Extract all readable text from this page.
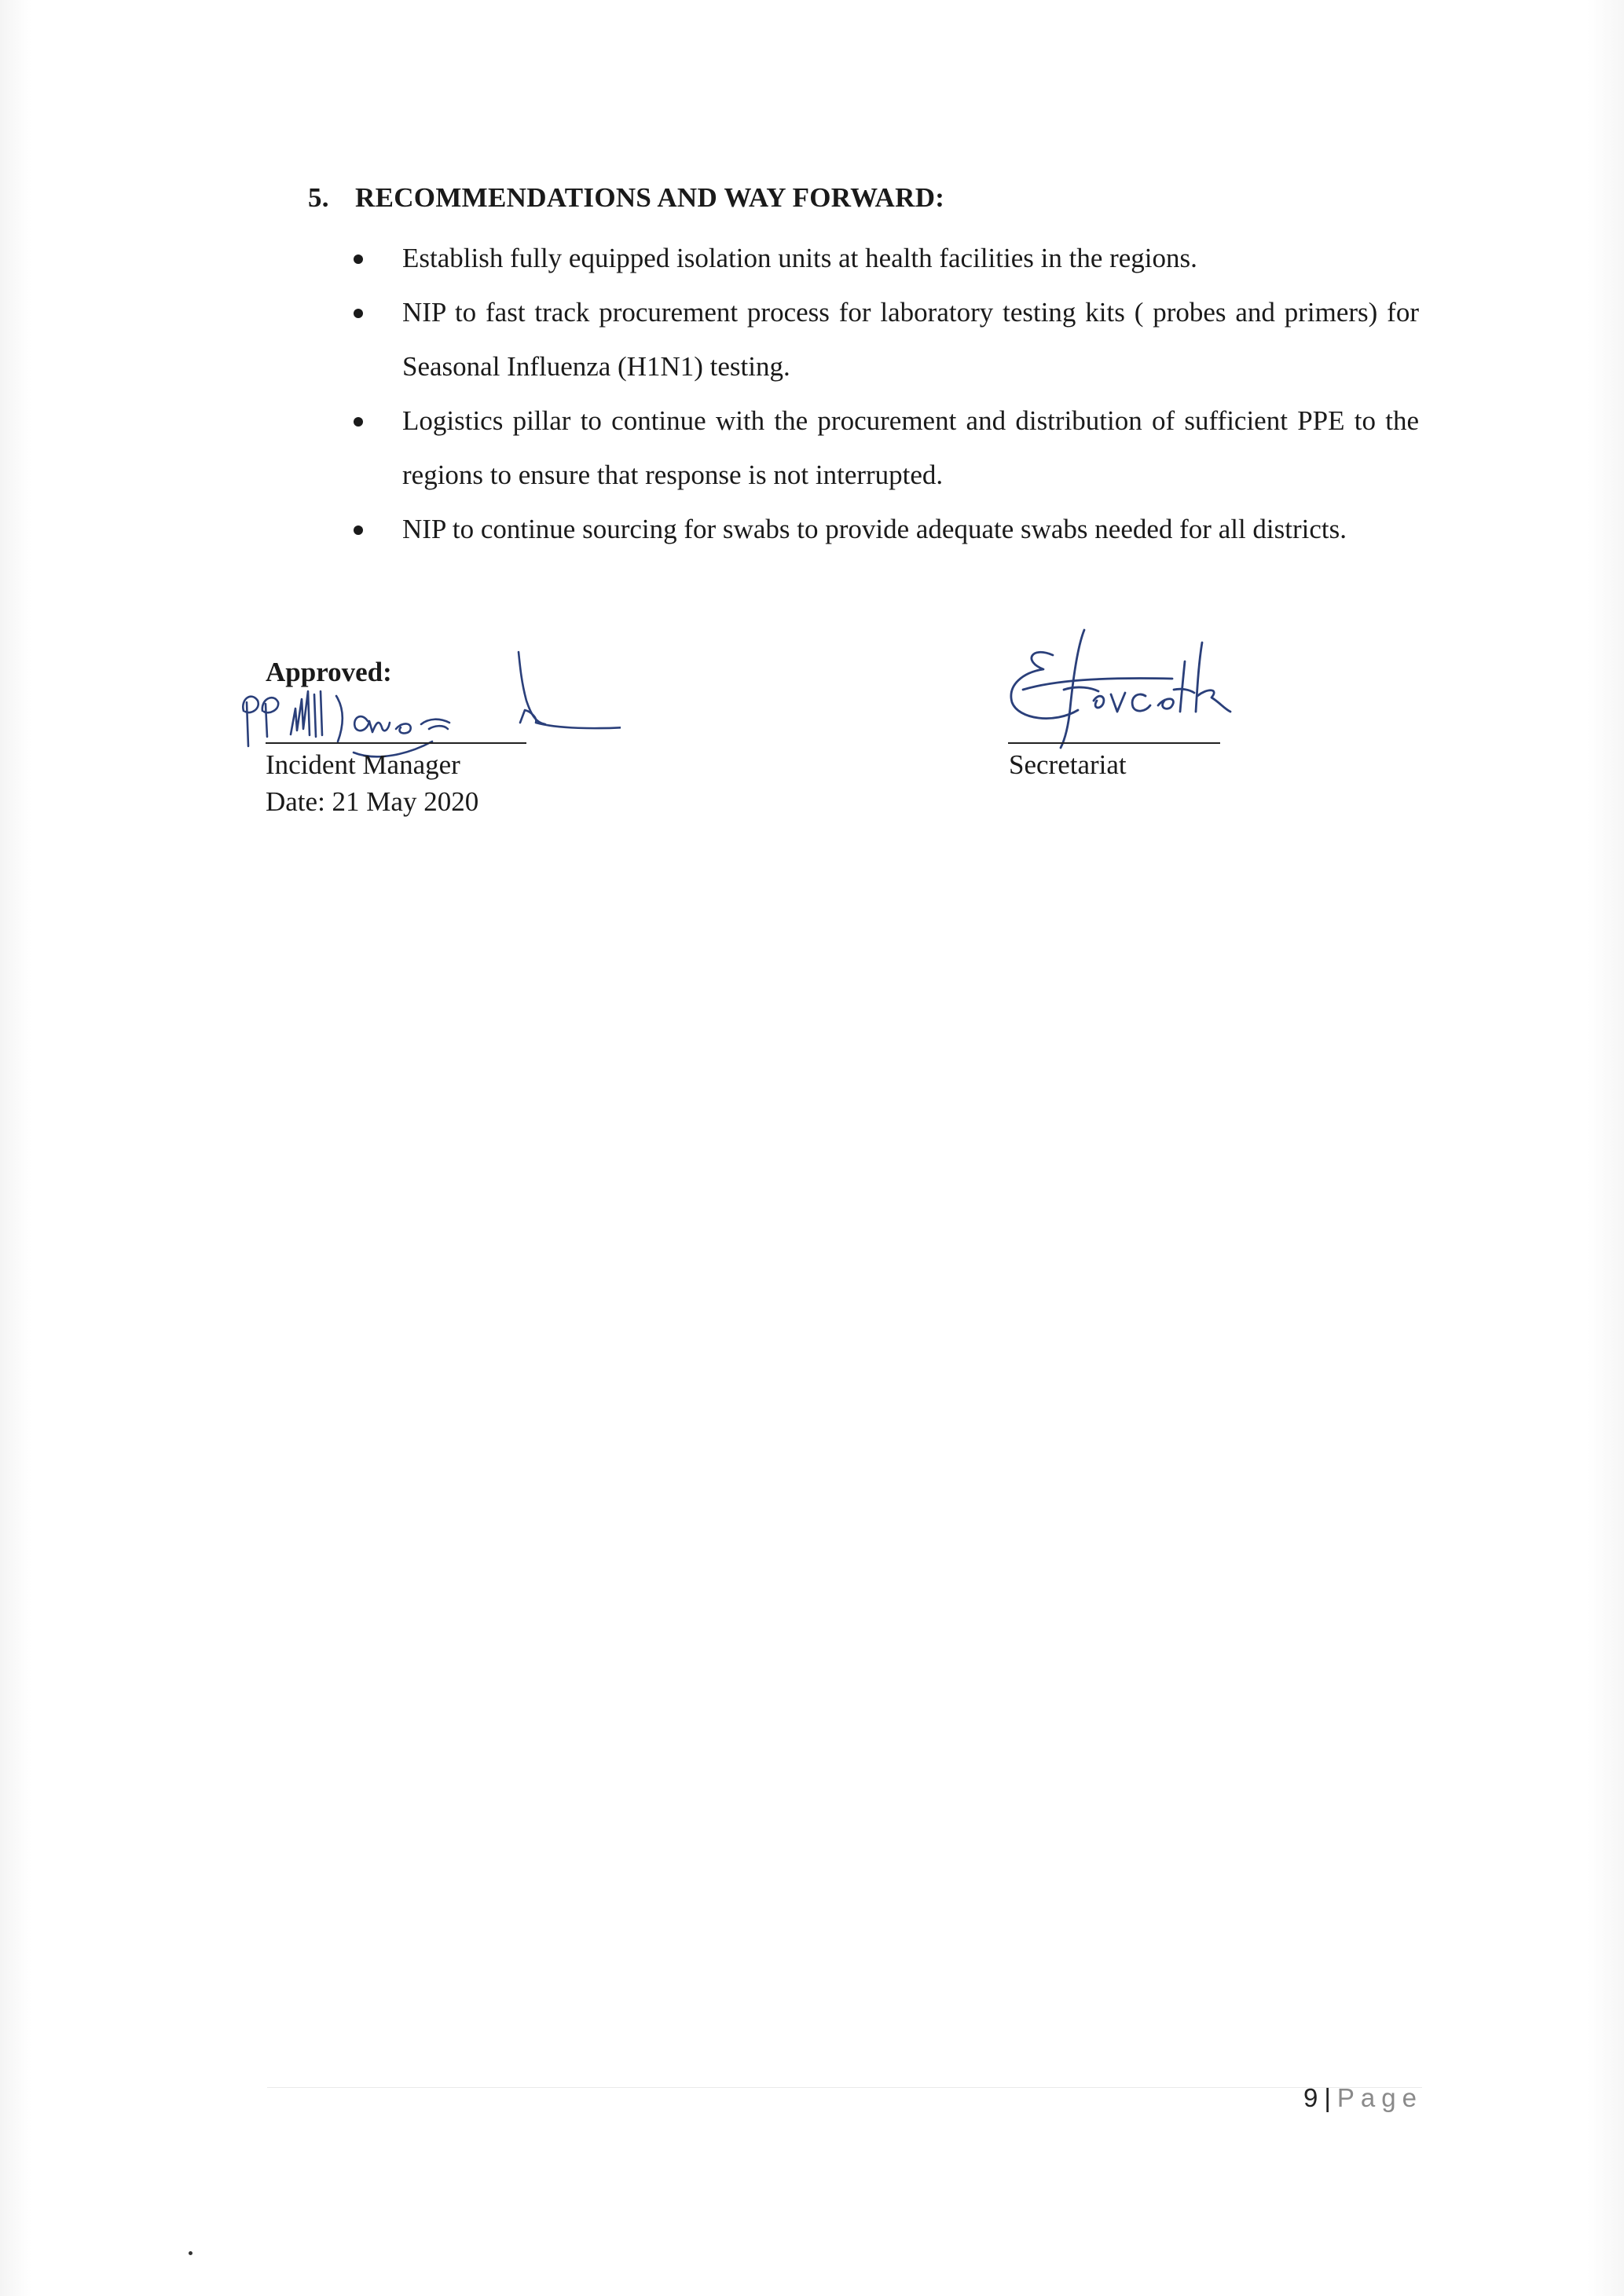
5. RECOMMENDATIONS AND WAY FORWARD:
Establish fully equipped isolation units at health facilities in the regions.
NIP to fast track procurement process for laboratory testing kits ( probes and primers) for Seasonal Influenza (H1N1) testing.
Logistics pillar to continue with the procurement and distribution of sufficient PPE to the regions to ensure that response is not interrupted.
NIP to continue sourcing for swabs to provide adequate swabs needed for all districts.
Approved:
Incident Manager
Date: 21 May 2020
Secretariat
9 | Page
